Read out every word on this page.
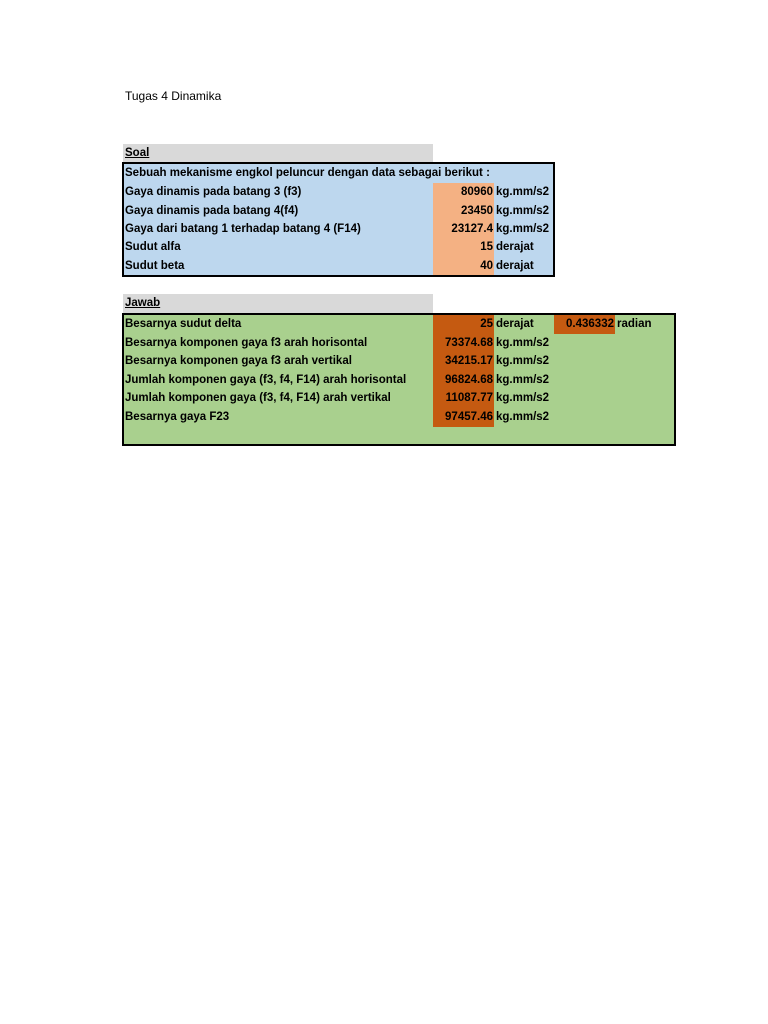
Tugas 4 Dinamika
Soal
Sebuah mekanisme engkol peluncur dengan data sebagai berikut :
Gaya dinamis pada batang 3 (f3)	80960 kg.mm/s2
Gaya dinamis pada batang 4(f4)	23450 kg.mm/s2
Gaya dari batang 1 terhadap batang 4 (F14)	23127.4 kg.mm/s2
Sudut alfa	15 derajat
Sudut beta	40 derajat
Jawab
Besarnya sudut delta	25 derajat	0.436332 radian
Besarnya komponen gaya f3 arah horisontal	73374.68 kg.mm/s2
Besarnya komponen gaya f3 arah vertikal	34215.17 kg.mm/s2
Jumlah komponen gaya (f3, f4, F14) arah horisontal	96824.68 kg.mm/s2
Jumlah komponen gaya (f3, f4, F14) arah vertikal	11087.77 kg.mm/s2
Besarnya gaya F23	97457.46 kg.mm/s2
